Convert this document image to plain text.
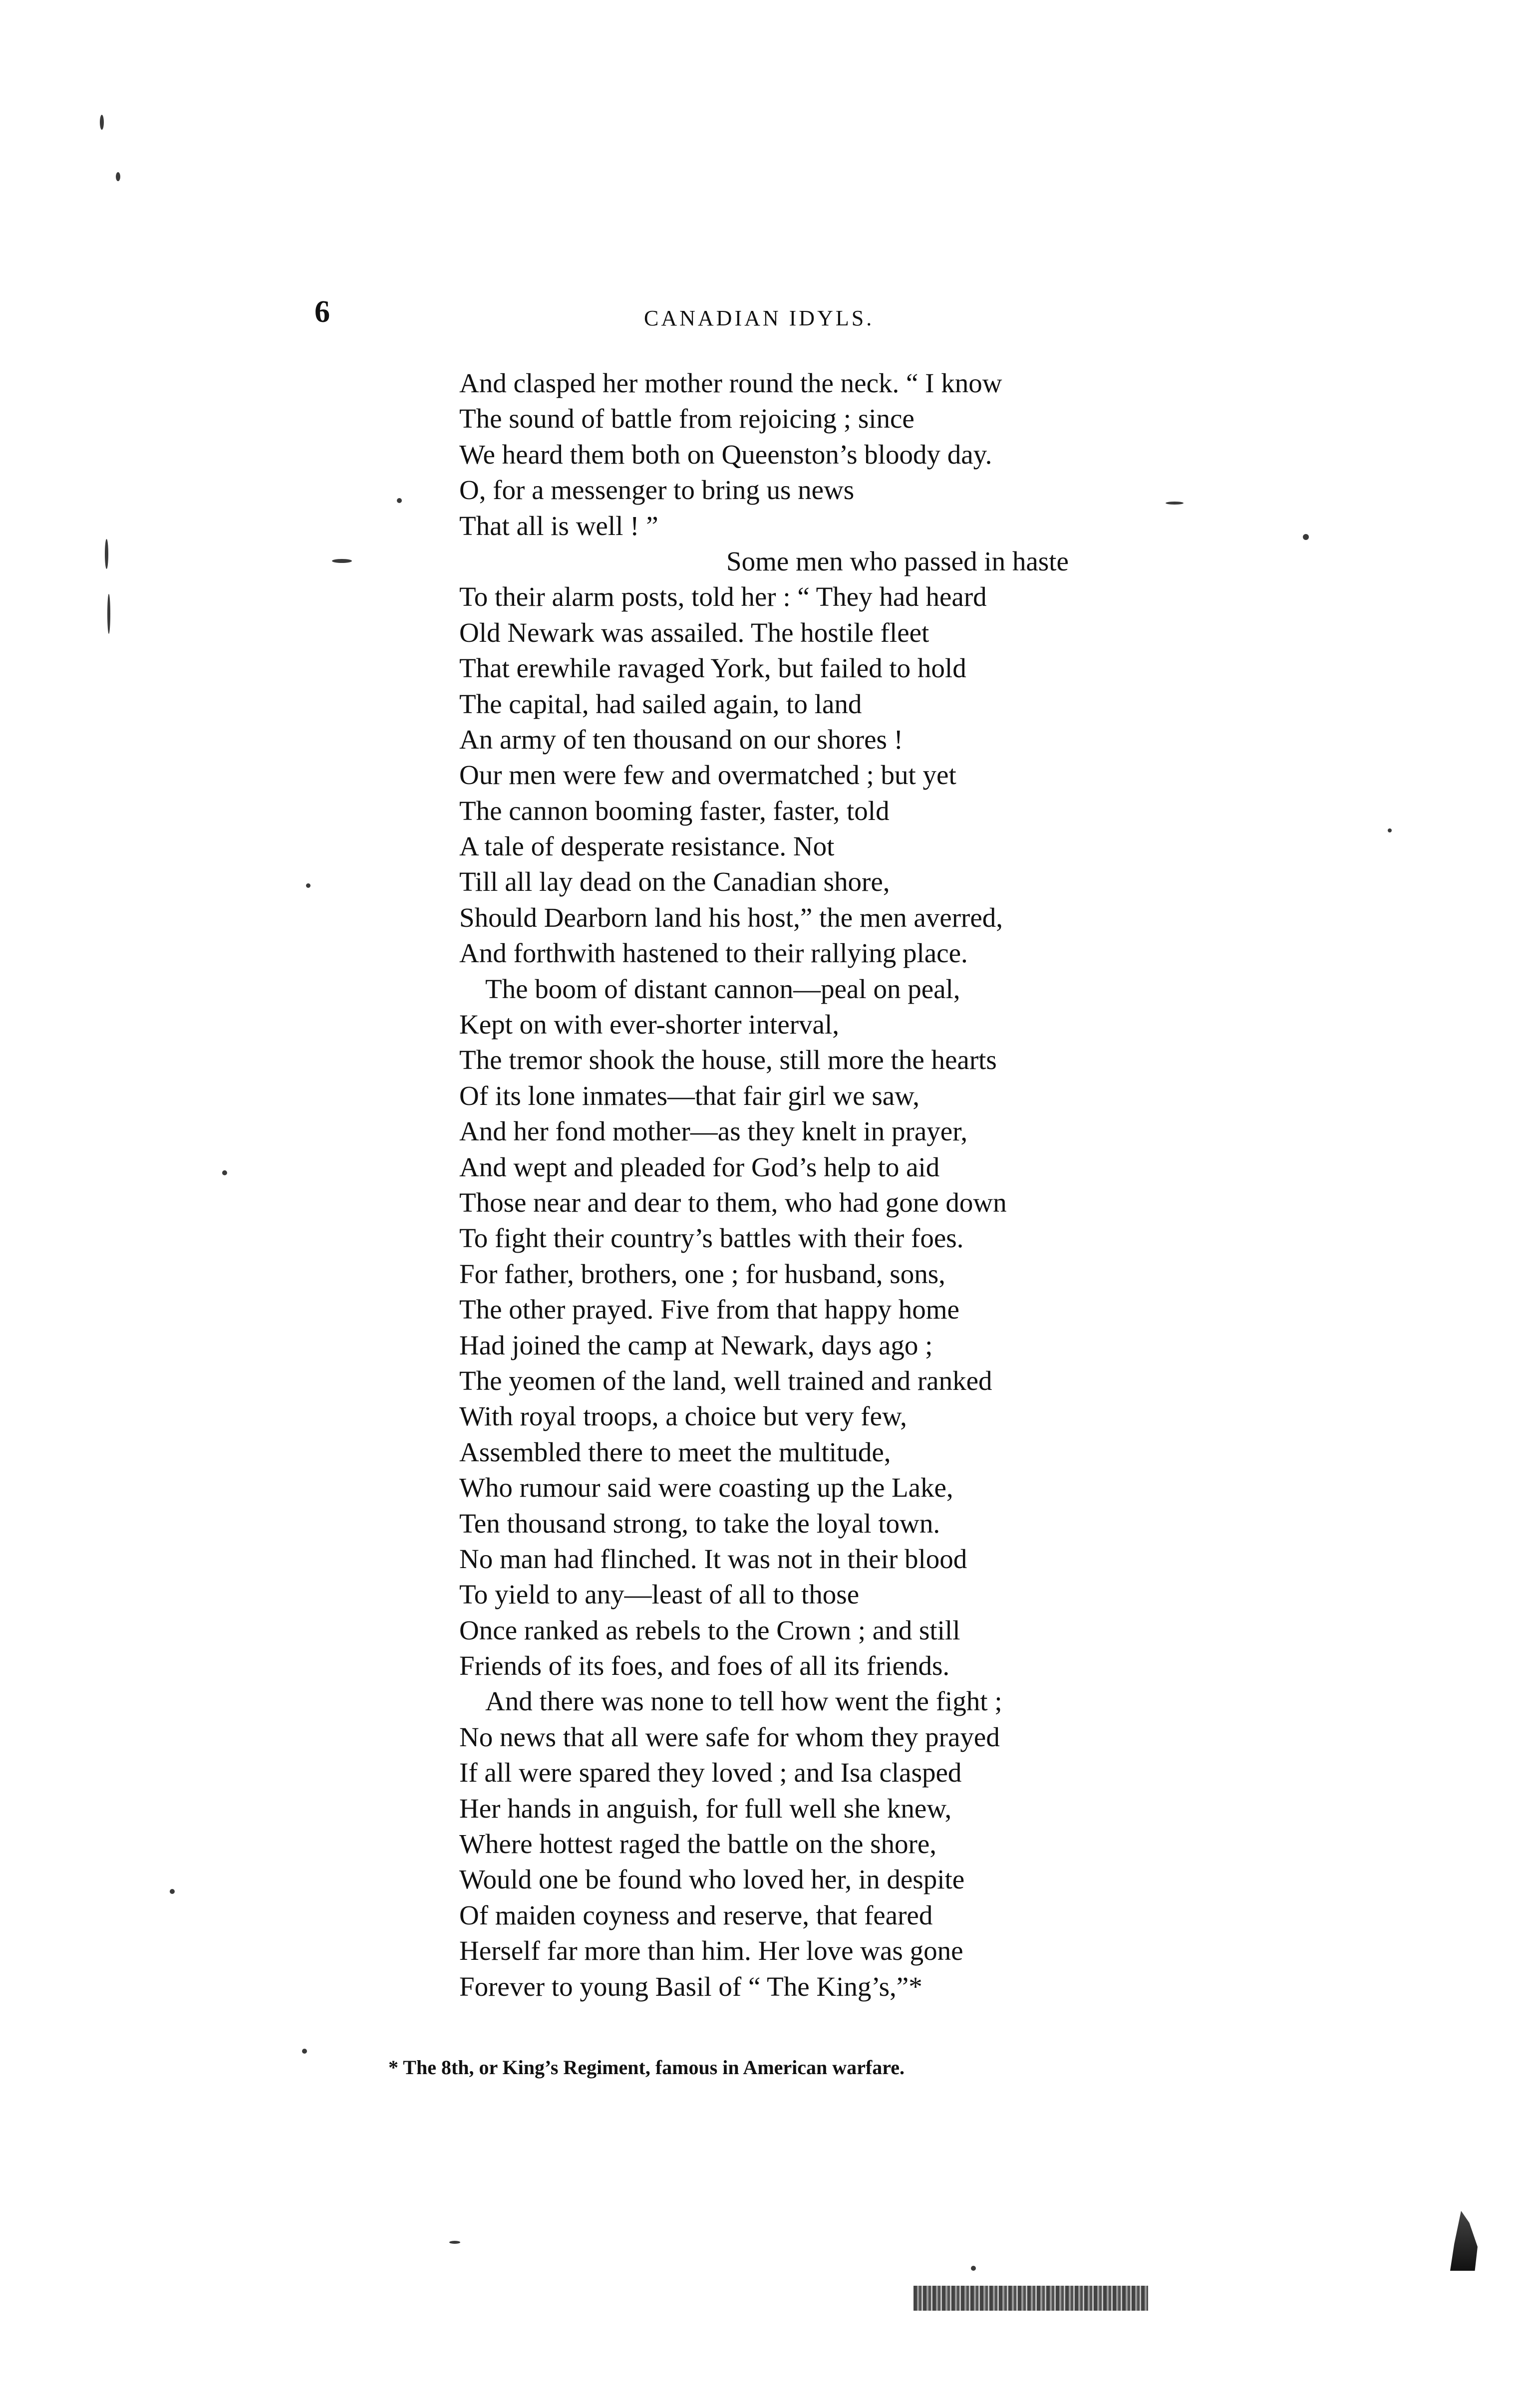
6	CANADIAN IDYLS.
And clasped her mother round the neck. “ I know
The sound of battle from rejoicing ; since
We heard them both on Queenston’s bloody day.
O, for a messenger to bring us news
That all is well ! ”
Some men who passed in haste
To their alarm posts, told her : “ They had heard
Old Newark was assailed. The hostile fleet
That erewhile ravaged York, but failed to hold
The capital, had sailed again, to land
An army of ten thousand on our shores !
Our men were few and overmatched ; but yet
The cannon booming faster, faster, told
A tale of desperate resistance. Not
Till all lay dead on the Canadian shore,
Should Dearborn land his host,” the men averred,
And forthwith hastened to their rallying place.
The boom of distant cannon—peal on peal,
Kept on with ever-shorter interval,
The tremor shook the house, still more the hearts
Of its lone inmates—that fair girl we saw,
And her fond mother—as they knelt in prayer,
And wept and pleaded for God’s help to aid
Those near and dear to them, who had gone down
To fight their country’s battles with their foes.
For father, brothers, one ; for husband, sons,
The other prayed. Five from that happy home
Had joined the camp at Newark, days ago ;
The yeomen of the land, well trained and ranked
With royal troops, a choice but very few,
Assembled there to meet the multitude,
Who rumour said were coasting up the Lake,
Ten thousand strong, to take the loyal town.
No man had flinched. It was not in their blood
To yield to any—least of all to those
Once ranked as rebels to the Crown ; and still
Friends of its foes, and foes of all its friends.
And there was none to tell how went the fight ;
No news that all were safe for whom they prayed
If all were spared they loved ; and Isa clasped
Her hands in anguish, for full well she knew,
Where hottest raged the battle on the shore,
Would one be found who loved her, in despite
Of maiden coyness and reserve, that feared
Herself far more than him. Her love was gone
Forever to young Basil of “ The King’s,”*
* The 8th, or King’s Regiment, famous in American warfare.
